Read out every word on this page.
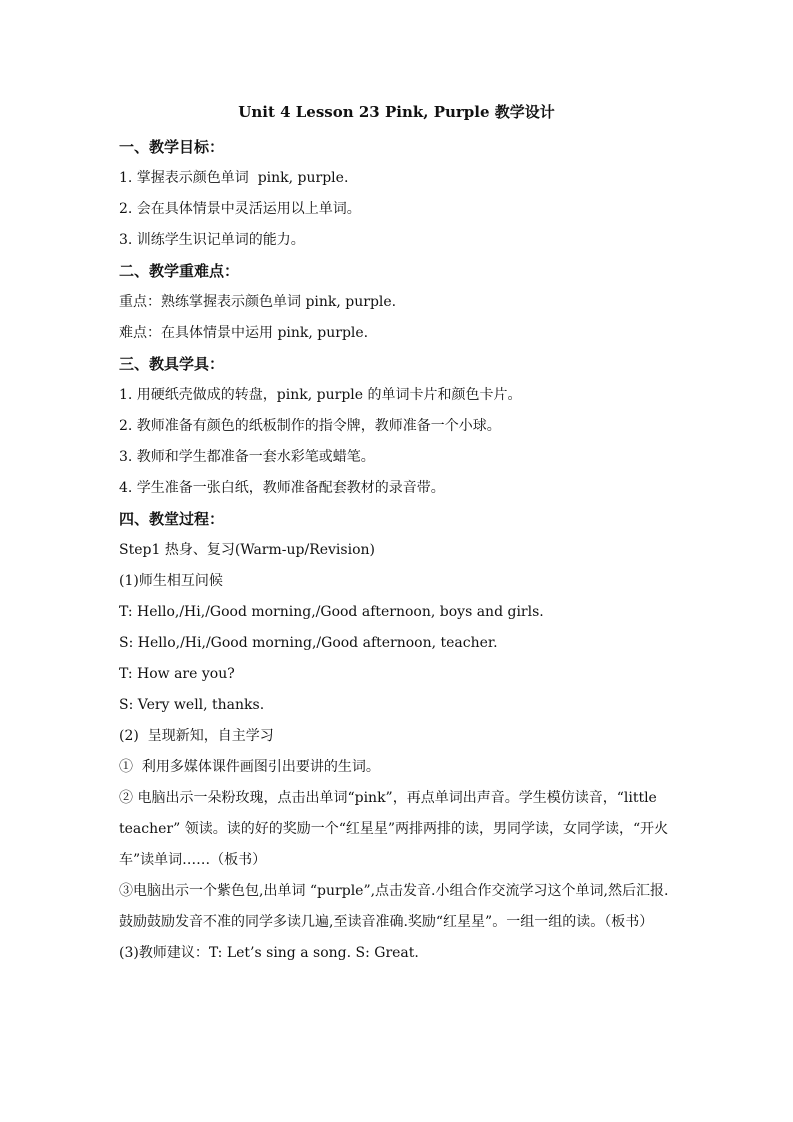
Unit 4 Lesson 23 Pink, Purple 教学设计
一、教学目标：
1. 掌握表示颜色单词  pink, purple.
2. 会在具体情景中灵活运用以上单词。
3. 训练学生识记单词的能力。
二、教学重难点：
重点：熟练掌握表示颜色单词 pink, purple.
难点：在具体情景中运用 pink, purple.
三、教具学具：
1. 用硬纸壳做成的转盘，pink, purple 的单词卡片和颜色卡片。
2. 教师准备有颜色的纸板制作的指令牌，教师准备一个小球。
3. 教师和学生都准备一套水彩笔或蜡笔。
4. 学生准备一张白纸，教师准备配套教材的录音带。
四、教堂过程：
Step1 热身、复习(Warm-up/Revision)
(1)师生相互问候
T: Hello,/Hi,/Good morning,/Good afternoon, boys and girls.
S: Hello,/Hi,/Good morning,/Good afternoon, teacher.
T: How are you?
S: Very well, thanks.
(2)  呈现新知，自主学习
①  利用多媒体课件画图引出要讲的生词。
② 电脑出示一朵粉玫瑰，点击出单词“pink”，再点单词出声音。学生模仿读音，“little teacher” 领读。读的好的奖励一个“红星星”两排两排的读，男同学读，女同学读，“开火车”读单词……（板书）
③电脑出示一个紫色包,出单词 “purple”,点击发音.小组合作交流学习这个单词,然后汇报.鼓励鼓励发音不准的同学多读几遍,至读音准确.奖励“红星星”。一组一组的读。（板书）
(3)教师建议：T: Let’s sing a song. S: Great.
